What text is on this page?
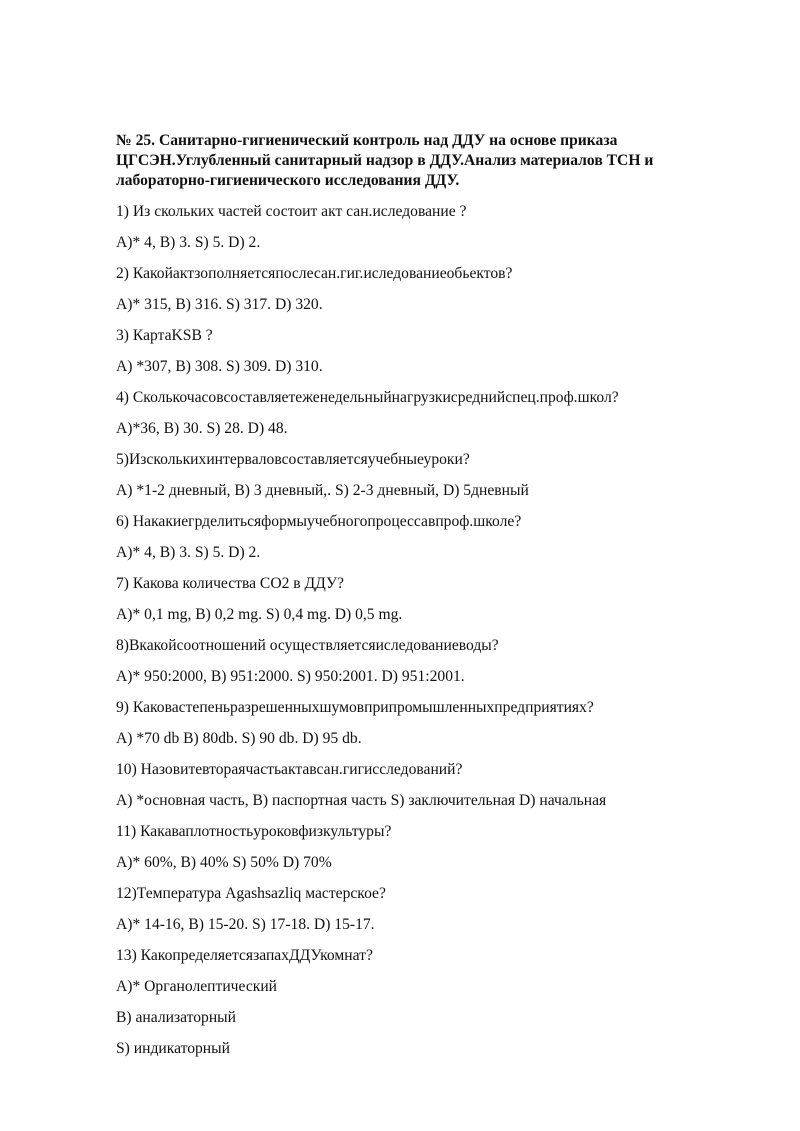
№ 25. Санитарно-гигиенический контроль над ДДУ на основе приказа
ЦГСЭН.Углубленный санитарный надзор в ДДУ.Анализ материалов ТСН и
лабораторно-гигиенического исследования ДДУ.
1) Из скольких частей состоит акт сан.иследование ?
А)* 4, В) 3. S) 5. D) 2.
2) Какойактзополняетсяпослесан.гиг.иследованиеобьектов?
А)* 315, В) 316. S) 317. D) 320.
3) КартаKSB ?
А) *307, В) 308. S) 309. D) 310.
4) Сколькочасовсоставляетеженедельныйнагрузкисреднийспец.проф.школ?
А)*36, В) 30. S) 28. D) 48.
5)Изсколькихинтерваловсоставляетсяучебныеуроки?
А) *1-2 дневный, В) 3 дневный,. S) 2-3 дневный, D) 5дневный
6) Накакиегрделитьсяформыучебногопроцессавпроф.школе?
А)* 4, В) 3. S) 5. D) 2.
7) Какова количества СО2 в ДДУ?
А)* 0,1 mg, В) 0,2 mg. S) 0,4 mg. D) 0,5 mg.
8)Вкакойсоотношений осуществляетсяиследованиеводы?
А)* 950:2000, В) 951:2000. S) 950:2001. D) 951:2001.
9) Каковастепеньразрешенныхшумовприпромышленныхпредприятиях?
А) *70 db В) 80db. S) 90 db. D) 95 db.
10) Назовитевтораячастьактавсан.гигисследований?
А) *основная часть, В) паспортная часть S) заключительная D) начальная
11) Какаваплотностьуроковфизкультуры?
А)* 60%, В) 40% S) 50% D) 70%
12)Температура Agashsazliq мастерское?
А)* 14-16, В) 15-20. S) 17-18. D) 15-17.
13) КакопределяетсязапахДДУкомнат?
А)* Органолептический
В) анализаторный
S) индикаторный
